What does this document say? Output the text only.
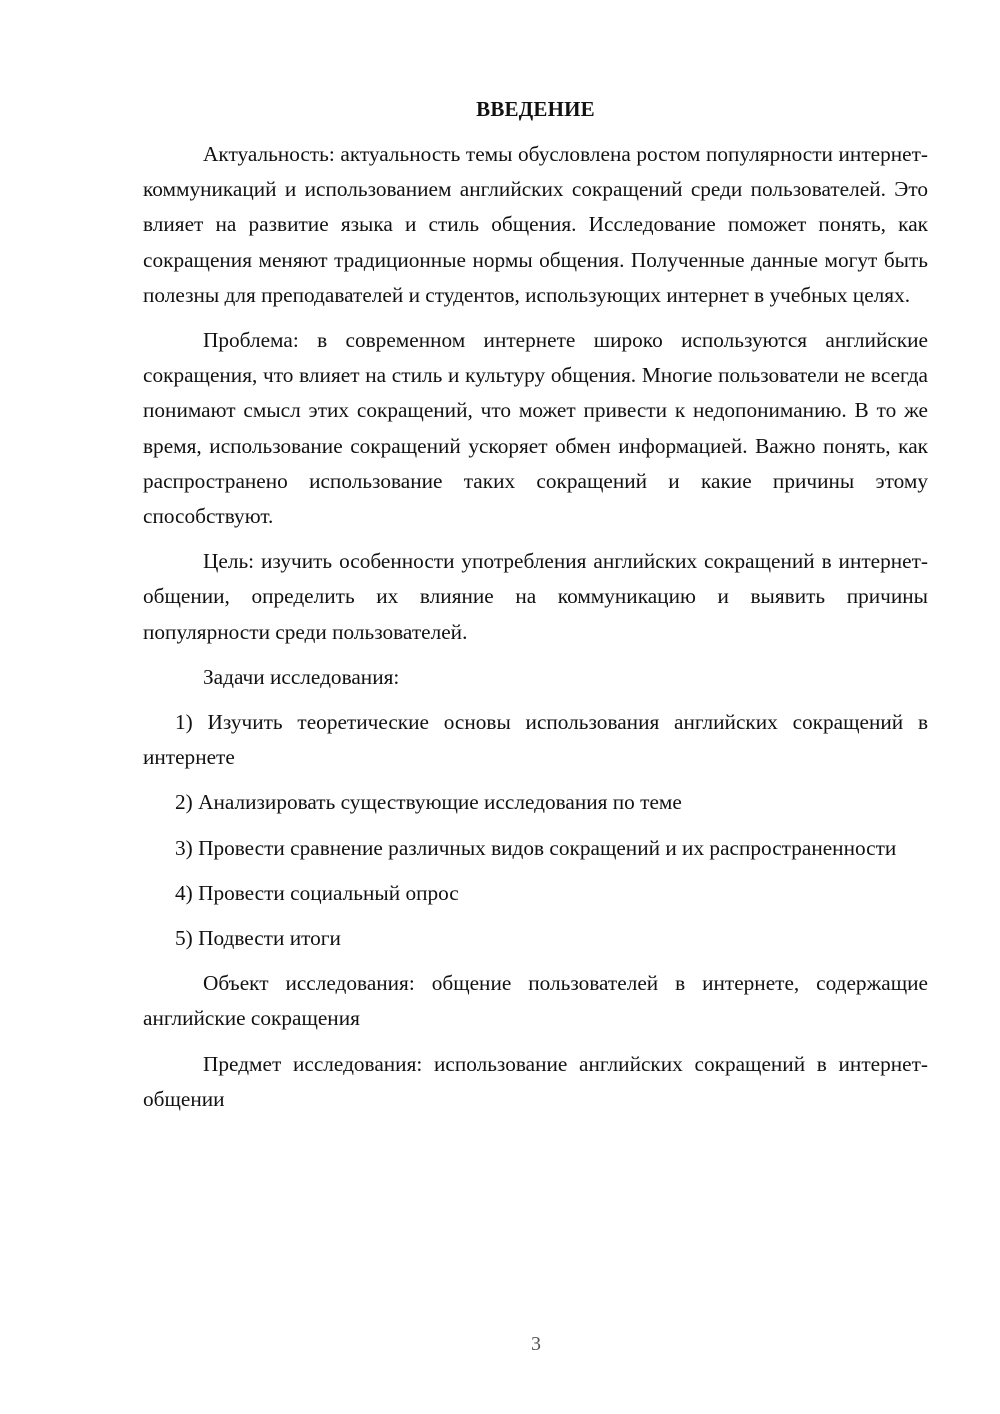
ВВЕДЕНИЕ

Актуальность: актуальность темы обусловлена ростом популярности интернет-коммуникаций и использованием английских сокращений среди пользователей. Это влияет на развитие языка и стиль общения. Исследование поможет понять, как сокращения меняют традиционные нормы общения. Полученные данные могут быть полезны для преподавателей и студентов, использующих интернет в учебных целях.

Проблема: в современном интернете широко используются английские сокращения, что влияет на стиль и культуру общения. Многие пользователи не всегда понимают смысл этих сокращений, что может привести к недопониманию. В то же время, использование сокращений ускоряет обмен информацией. Важно понять, как распространено использование таких сокращений и какие причины этому способствуют.

Цель: изучить особенности употребления английских сокращений в интернет-общении, определить их влияние на коммуникацию и выявить причины популярности среди пользователей.

Задачи исследования:

1) Изучить теоретические основы использования английских сокращений в интернете

2) Анализировать существующие исследования по теме

3) Провести сравнение различных видов сокращений и их распространенности

4) Провести социальный опрос

5) Подвести итоги

Объект исследования: общение пользователей в интернете, содержащие английские сокращения

Предмет исследования: использование английских сокращений в интернет-общении

3
